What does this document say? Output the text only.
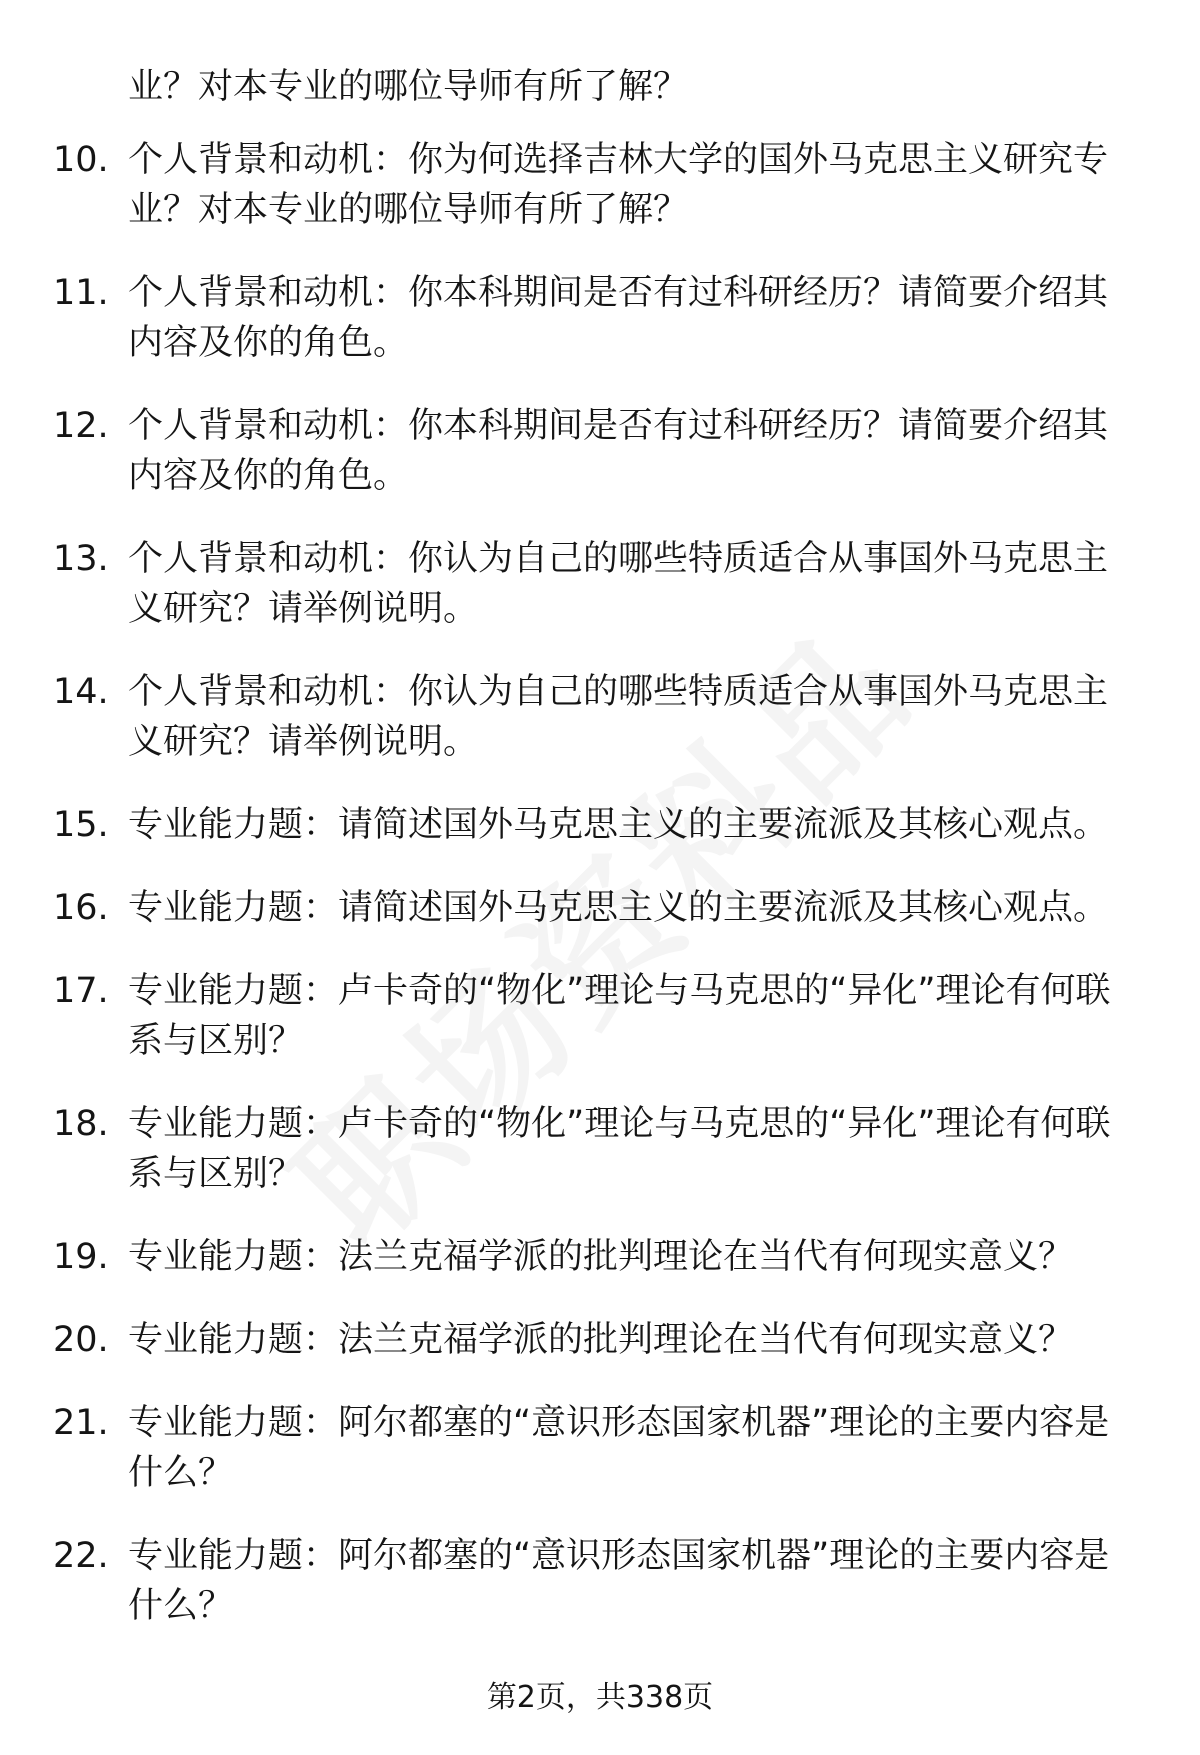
业？对本专业的哪位导师有所了解？

10. 个人背景和动机：你为何选择吉林大学的国外马克思主义研究专业？对本专业的哪位导师有所了解？
11. 个人背景和动机：你本科期间是否有过科研经历？请简要介绍其内容及你的角色。
12. 个人背景和动机：你本科期间是否有过科研经历？请简要介绍其内容及你的角色。
13. 个人背景和动机：你认为自己的哪些特质适合从事国外马克思主义研究？请举例说明。
14. 个人背景和动机：你认为自己的哪些特质适合从事国外马克思主义研究？请举例说明。
15. 专业能力题：请简述国外马克思主义的主要流派及其核心观点。
16. 专业能力题：请简述国外马克思主义的主要流派及其核心观点。
17. 专业能力题：卢卡奇的“物化”理论与马克思的“异化”理论有何联系与区别？
18. 专业能力题：卢卡奇的“物化”理论与马克思的“异化”理论有何联系与区别？
19. 专业能力题：法兰克福学派的批判理论在当代有何现实意义？
20. 专业能力题：法兰克福学派的批判理论在当代有何现实意义？
21. 专业能力题：阿尔都塞的“意识形态国家机器”理论的主要内容是什么？
22. 专业能力题：阿尔都塞的“意识形态国家机器”理论的主要内容是什么？
第2页，共338页
